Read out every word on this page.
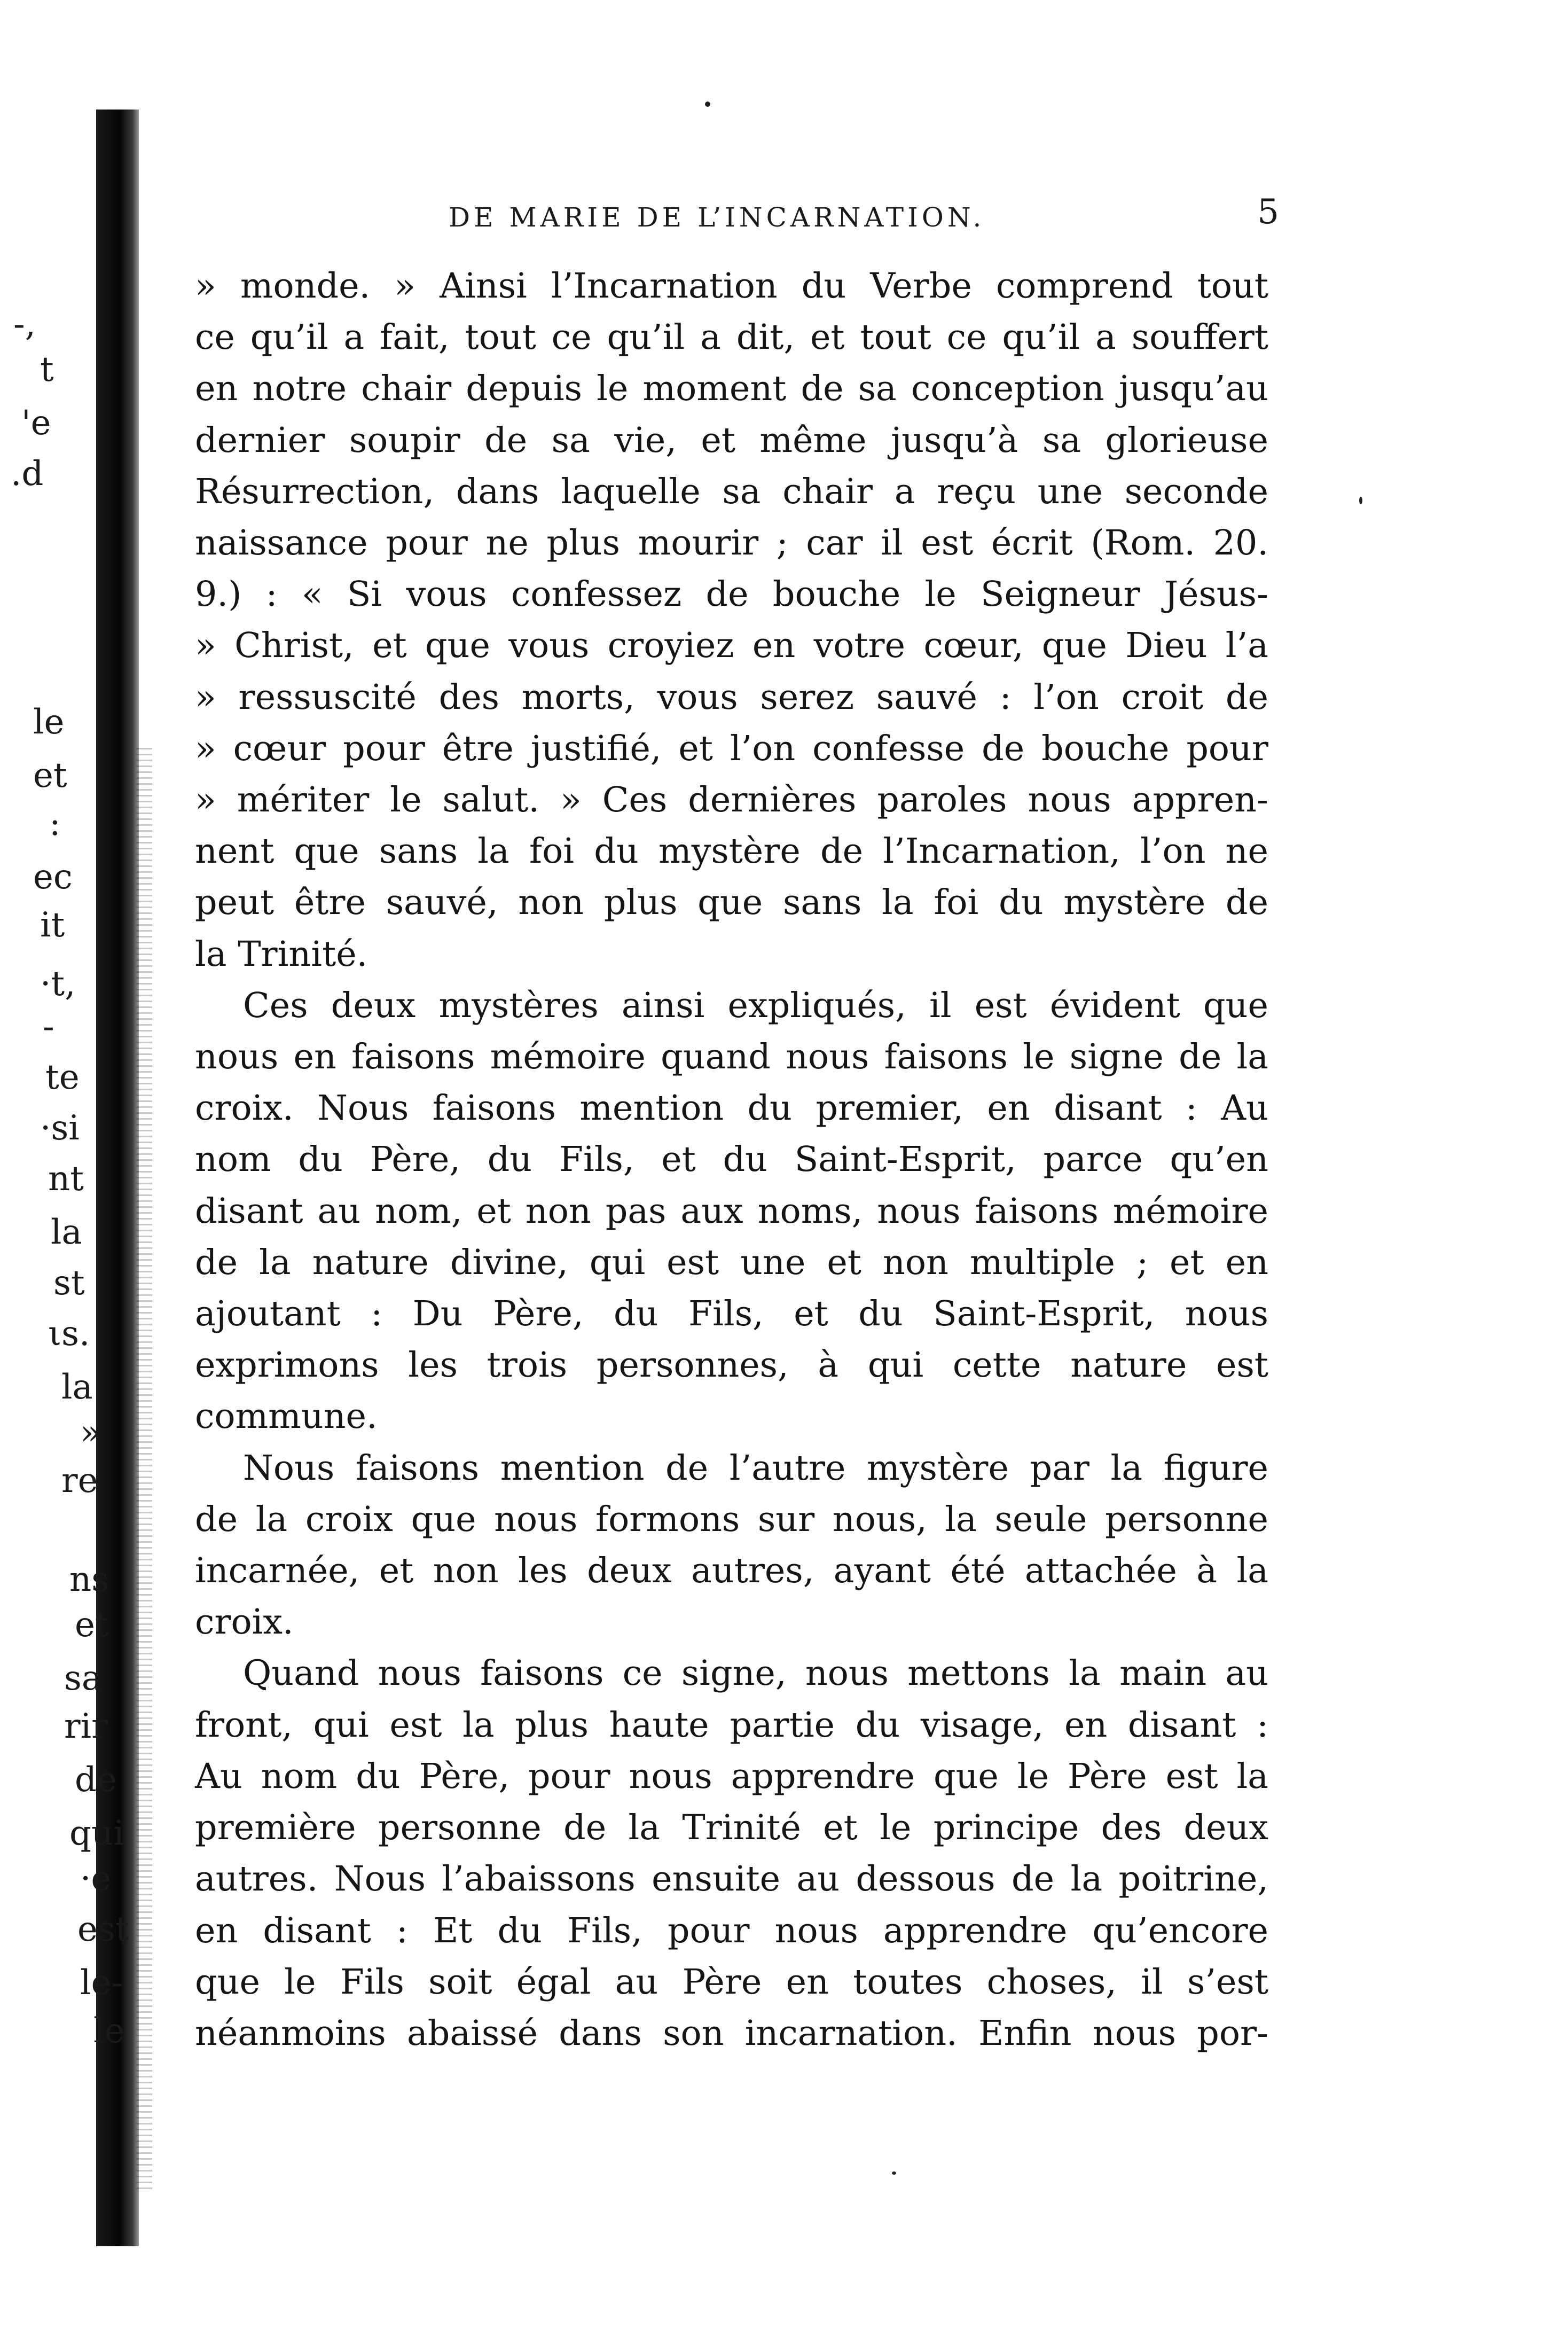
-,
t
'e
.d
le
et
:
ec
it
·t,
-
te
·si
nt
la
st
ιs.
la
»
re
ns
et
sa
rir
de
qui
·e
est
le-
le
DE MARIE DE L’INCARNATION.	5
» monde. » Ainsi l’Incarnation du Verbe comprend tout
ce qu’il a fait, tout ce qu’il a dit, et tout ce qu’il a souffert
en notre chair depuis le moment de sa conception jusqu’au
dernier soupir de sa vie, et même jusqu’à sa glorieuse
Résurrection, dans laquelle sa chair a reçu une seconde
naissance pour ne plus mourir ; car il est écrit (Rom. 20.
9.) : « Si vous confessez de bouche le Seigneur Jésus-
» Christ, et que vous croyiez en votre cœur, que Dieu l’a
» ressuscité des morts, vous serez sauvé : l’on croit de
» cœur pour être justifié, et l’on confesse de bouche pour
» mériter le salut. » Ces dernières paroles nous appren-
nent que sans la foi du mystère de l’Incarnation, l’on ne
peut être sauvé, non plus que sans la foi du mystère de
la Trinité.
Ces deux mystères ainsi expliqués, il est évident que
nous en faisons mémoire quand nous faisons le signe de la
croix. Nous faisons mention du premier, en disant : Au
nom du Père, du Fils, et du Saint-Esprit, parce qu’en
disant au nom, et non pas aux noms, nous faisons mémoire
de la nature divine, qui est une et non multiple ; et en
ajoutant : Du Père, du Fils, et du Saint-Esprit, nous
exprimons les trois personnes, à qui cette nature est
commune.
Nous faisons mention de l’autre mystère par la figure
de la croix que nous formons sur nous, la seule personne
incarnée, et non les deux autres, ayant été attachée à la
croix.
Quand nous faisons ce signe, nous mettons la main au
front, qui est la plus haute partie du visage, en disant :
Au nom du Père, pour nous apprendre que le Père est la
première personne de la Trinité et le principe des deux
autres. Nous l’abaissons ensuite au dessous de la poitrine,
en disant : Et du Fils, pour nous apprendre qu’encore
que le Fils soit égal au Père en toutes choses, il s’est
néanmoins abaissé dans son incarnation. Enfin nous por-
